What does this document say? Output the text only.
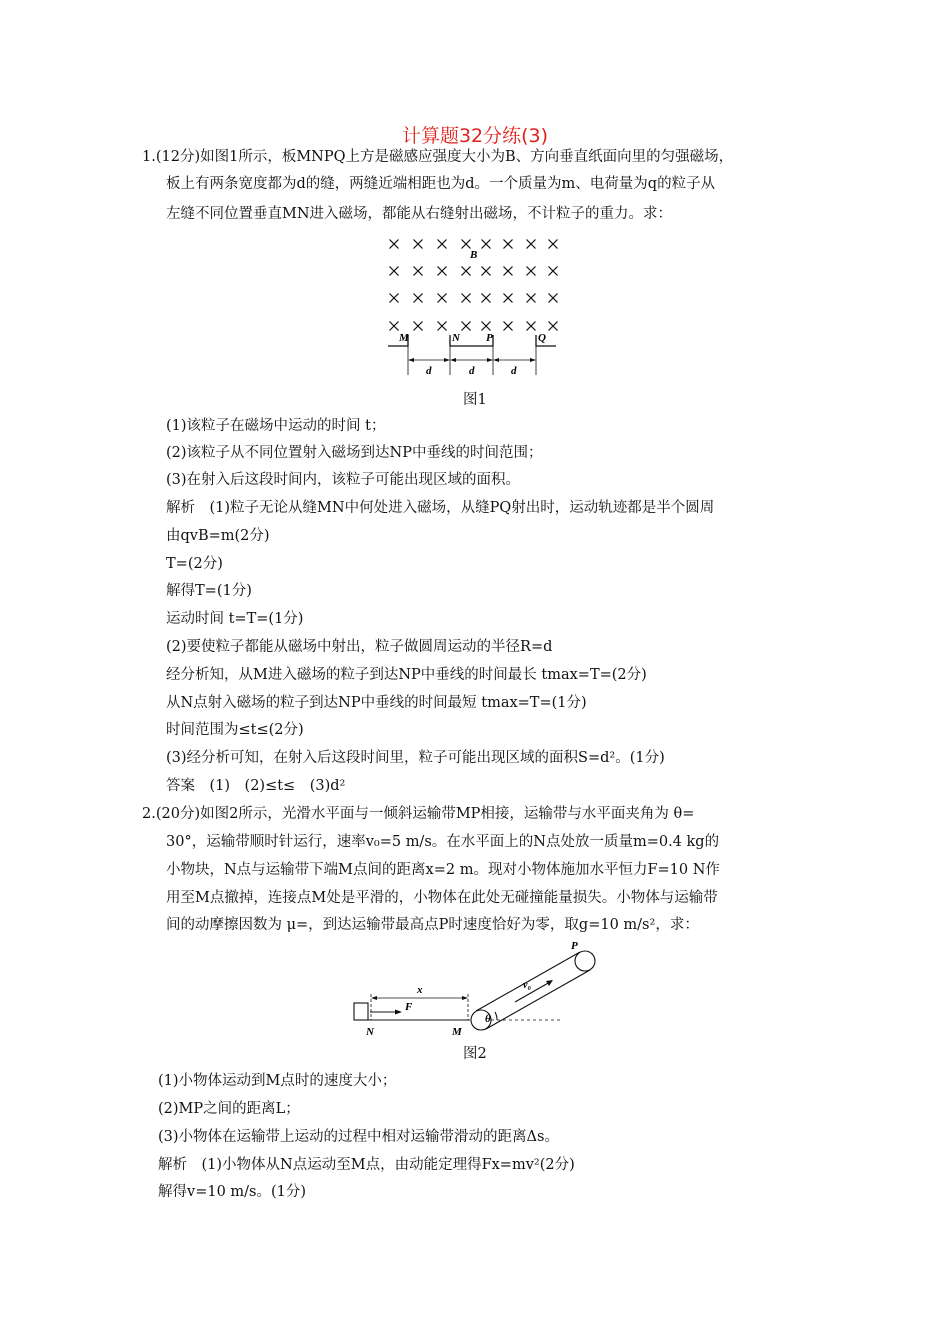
计算题32分练(3)
1.(12分)如图1所示，板MNPQ上方是磁感应强度大小为B、方向垂直纸面向里的匀强磁场，
板上有两条宽度都为d的缝，两缝近端相距也为d。一个质量为m、电荷量为q的粒子从
左缝不同位置垂直MN进入磁场，都能从右缝射出磁场，不计粒子的重力。求：
B
M	N P	Q
d	d	d
图1
(1)该粒子在磁场中运动的时间 t；
(2)该粒子从不同位置射入磁场到达NP中垂线的时间范围；
(3)在射入后这段时间内，该粒子可能出现区域的面积。
解析　(1)粒子无论从缝MN中何处进入磁场，从缝PQ射出时，运动轨迹都是半个圆周
由qvB=m(2分)
T=(2分)
解得T=(1分)
运动时间 t=T=(1分)
(2)要使粒子都能从磁场中射出，粒子做圆周运动的半径R=d
经分析知，从M进入磁场的粒子到达NP中垂线的时间最长 tmax=T=(2分)
从N点射入磁场的粒子到达NP中垂线的时间最短 tmax=T=(1分)
时间范围为≤t≤(2分)
(3)经分析可知，在射入后这段时间里，粒子可能出现区域的面积S=d²。(1分)
答案　(1)　(2)≤t≤　(3)d²
2.(20分)如图2所示，光滑水平面与一倾斜运输带MP相接，运输带与水平面夹角为 θ=
30°，运输带顺时针运行，速率v₀=5 m/s。在水平面上的N点处放一质量m=0.4 kg的
小物块，N点与运输带下端M点间的距离x=2 m。现对小物体施加水平恒力F=10 N作
用至M点撤掉，连接点M处是平滑的，小物体在此处无碰撞能量损失。小物体与运输带
间的动摩擦因数为 μ=，到达运输带最高点P时速度恰好为零，取g=10 m/s²，求：
P
x	v₀
F
N	M
θ
图2
(1)小物体运动到M点时的速度大小；
(2)MP之间的距离L；
(3)小物体在运输带上运动的过程中相对运输带滑动的距离Δs。
解析　(1)小物体从N点运动至M点，由动能定理得Fx=mv²(2分)
解得v=10 m/s。(1分)
